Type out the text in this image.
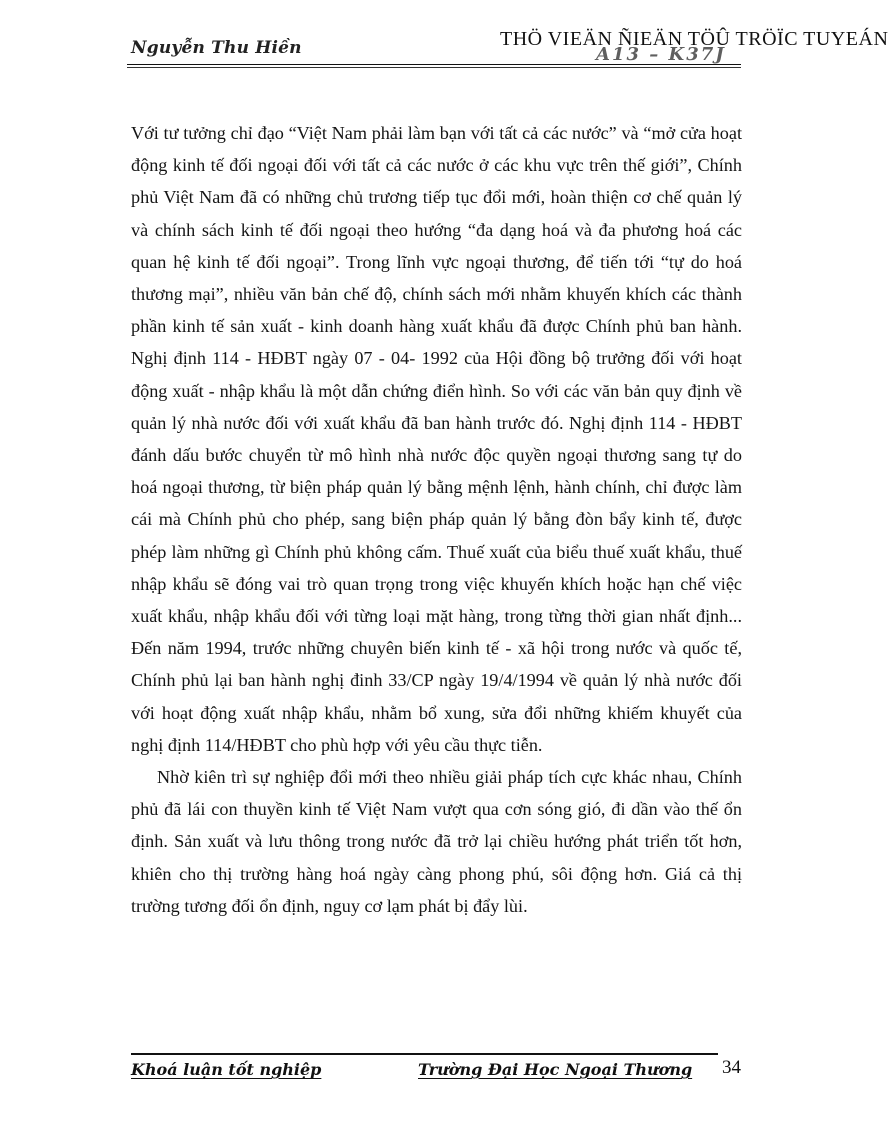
Nguyễn Thu Hiền	A13 – K37J
THÖ VIEÄN ÑIEÄN TÖÛ TRÖÏC TUYEÁN

Với tư tưởng chỉ đạo “Việt Nam phải làm bạn với tất cả các nước” và “mở cửa hoạt động kinh tế đối ngoại đối với tất cả các nước ở các khu vực trên thế giới”, Chính phủ Việt Nam đã có những chủ trương tiếp tục đổi mới, hoàn thiện cơ chế quản lý và chính sách kinh tế đối ngoại theo hướng “đa dạng hoá và đa phương hoá các quan hệ kinh tế đối ngoại”. Trong lĩnh vực ngoại thương, để tiến tới “tự do hoá thương mại”, nhiều văn bản chế độ, chính sách mới nhằm khuyến khích các thành phần kinh tế sản xuất - kinh doanh hàng xuất khẩu đã được Chính phủ ban hành. Nghị định 114 - HĐBT ngày 07 - 04- 1992 của Hội đồng bộ trưởng đối với hoạt động xuất - nhập khẩu là một dẫn chứng điển hình. So với các văn bản quy định về quản lý nhà nước đối với xuất khẩu đã ban hành trước đó. Nghị định 114 - HĐBT đánh dấu bước chuyển từ mô hình nhà nước độc quyền ngoại thương sang tự do hoá ngoại thương, từ biện pháp quản lý bằng mệnh lệnh, hành chính, chỉ được làm cái mà Chính phủ cho phép, sang biện pháp quản lý bằng đòn bẩy kinh tế, được phép làm những gì Chính phủ không cấm. Thuế xuất của biểu thuế xuất khẩu, thuế nhập khẩu sẽ đóng vai trò quan trọng trong việc khuyến khích hoặc hạn chế việc xuất khẩu, nhập khẩu đối với từng loại mặt hàng, trong từng thời gian nhất định... Đến năm 1994, trước những chuyên biến kinh tế - xã hội trong nước và quốc tế, Chính phủ lại ban hành nghị đinh 33/CP ngày 19/4/1994 về quản lý nhà nước đối với hoạt động xuất nhập khẩu, nhằm bổ xung, sửa đổi những khiếm khuyết của nghị định 114/HĐBT cho phù hợp với yêu cầu thực tiễn.

Nhờ kiên trì sự nghiệp đổi mới theo nhiều giải pháp tích cực khác nhau, Chính phủ đã lái con thuyền kinh tế Việt Nam vượt qua cơn sóng gió, đi dần vào thế ổn định. Sản xuất và lưu thông trong nước đã trở lại chiều hướng phát triển tốt hơn, khiên cho thị trường hàng hoá ngày càng phong phú, sôi động hơn. Giá cả thị trường tương đối ổn định, nguy cơ lạm phát bị đẩy lùi.

Khoá luận tốt nghiệp	Trường Đại Học Ngoại Thương 34
